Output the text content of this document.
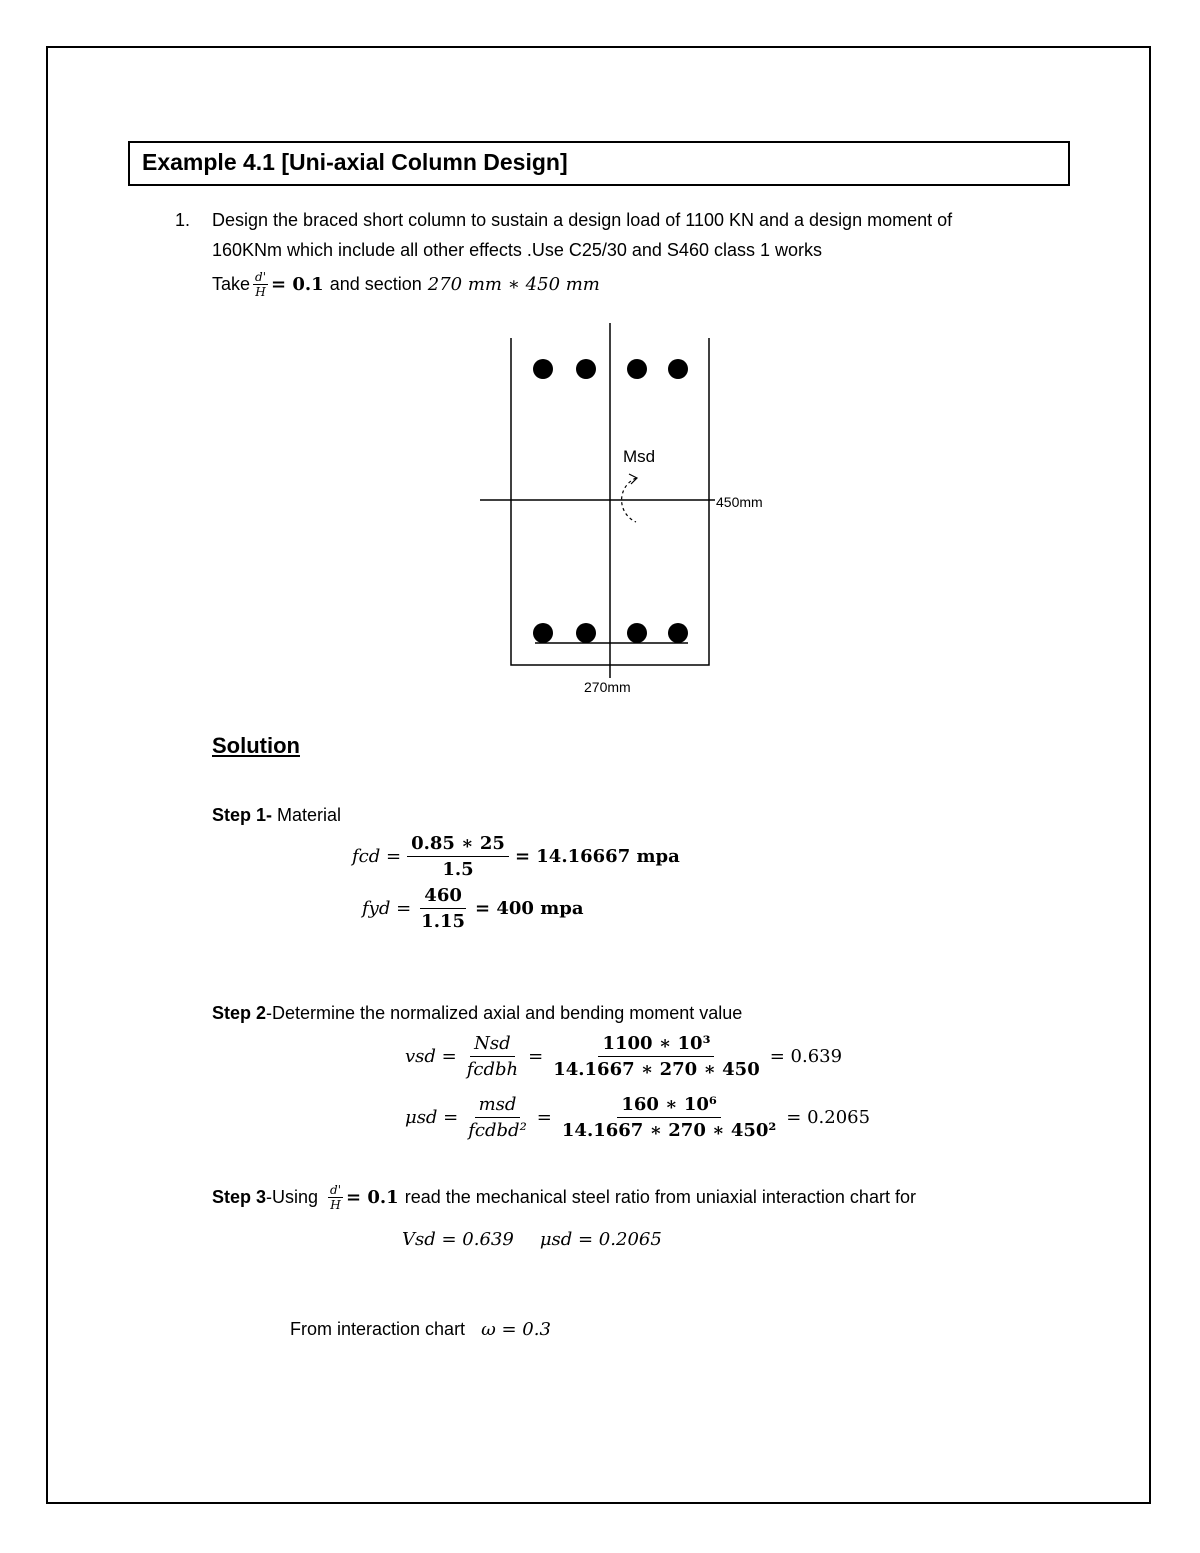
Example 4.1 [Uni-axial Column Design]
1. Design the braced short column to sustain a design load of 1100 KN and a design moment of
160KNm which include all other effects .Use C25/30 and S460 class 1 works
Take $\frac{d'}{H} = 0.1$ and section 270 mm ∗ 450 mm
Msd
450mm
270mm
Solution
Step 1- Material
fcd = $\frac{0.85 ∗ 25}{1.5} = 14.16667$ mpa
fyd = $\frac{460}{1.15} = 400$ mpa
Step 2-Determine the normalized axial and bending moment value
vsd = $\frac{\text{Nsd}}{\text{fcdbh}} = \frac{\text{1100 ∗ 10³}}{14.1667 ∗ 270 ∗ 450} = 0.639$
$\mu sd = \frac{\text{msd}}{\text{fcdbd²}} = \frac{\text{160 ∗ 10⁶}}{\text{14.1667 ∗ 270 ∗ 450²}} = 0.2065$
Step 3 $-Using \frac{d'}{H} = 0.1$ read the mechanical steel ratio from uniaxial interaction chart for
Vsd = 0.639 μsd = 0.2065
From interaction chart ω = 0.3
